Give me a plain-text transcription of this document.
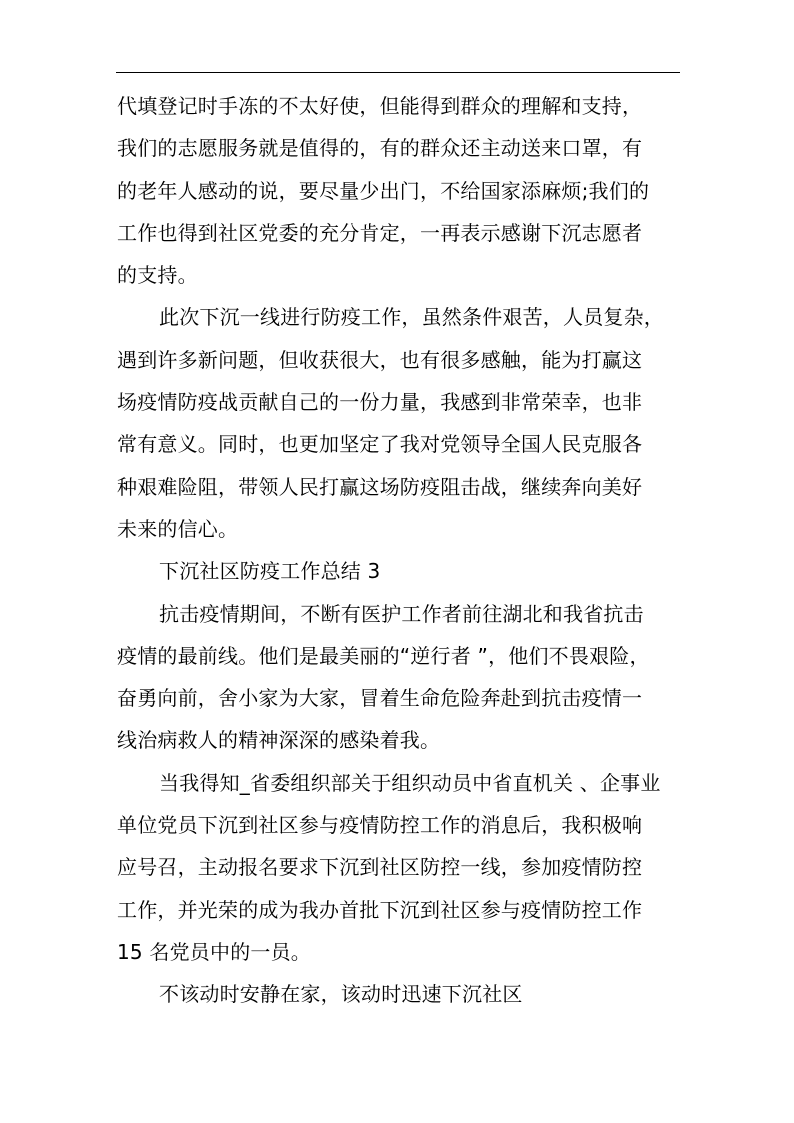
代填登记时手冻的不太好使，但能得到群众的理解和支持，
我们的志愿服务就是值得的，有的群众还主动送来口罩，有
的老年人感动的说，要尽量少出门，不给国家添麻烦;我们的
工作也得到社区党委的充分肯定，一再表示感谢下沉志愿者
的支持。

此次下沉一线进行防疫工作，虽然条件艰苦，人员复杂，
遇到许多新问题，但收获很大，也有很多感触，能为打赢这
场疫情防疫战贡献自己的一份力量，我感到非常荣幸，也非
常有意义。同时，也更加坚定了我对党领导全国人民克服各
种艰难险阻，带领人民打赢这场防疫阻击战，继续奔向美好
未来的信心。

下沉社区防疫工作总结 3

抗击疫情期间，不断有医护工作者前往湖北和我省抗击
疫情的最前线。他们是最美丽的“逆行者 ”，他们不畏艰险，
奋勇向前，舍小家为大家，冒着生命危险奔赴到抗击疫情一
线治病救人的精神深深的感染着我。

当我得知_省委组织部关于组织动员中省直机关 、企事业
单位党员下沉到社区参与疫情防控工作的消息后，我积极响
应号召，主动报名要求下沉到社区防控一线，参加疫情防控
工作，并光荣的成为我办首批下沉到社区参与疫情防控工作
15 名党员中的一员。

不该动时安静在家，该动时迅速下沉社区
